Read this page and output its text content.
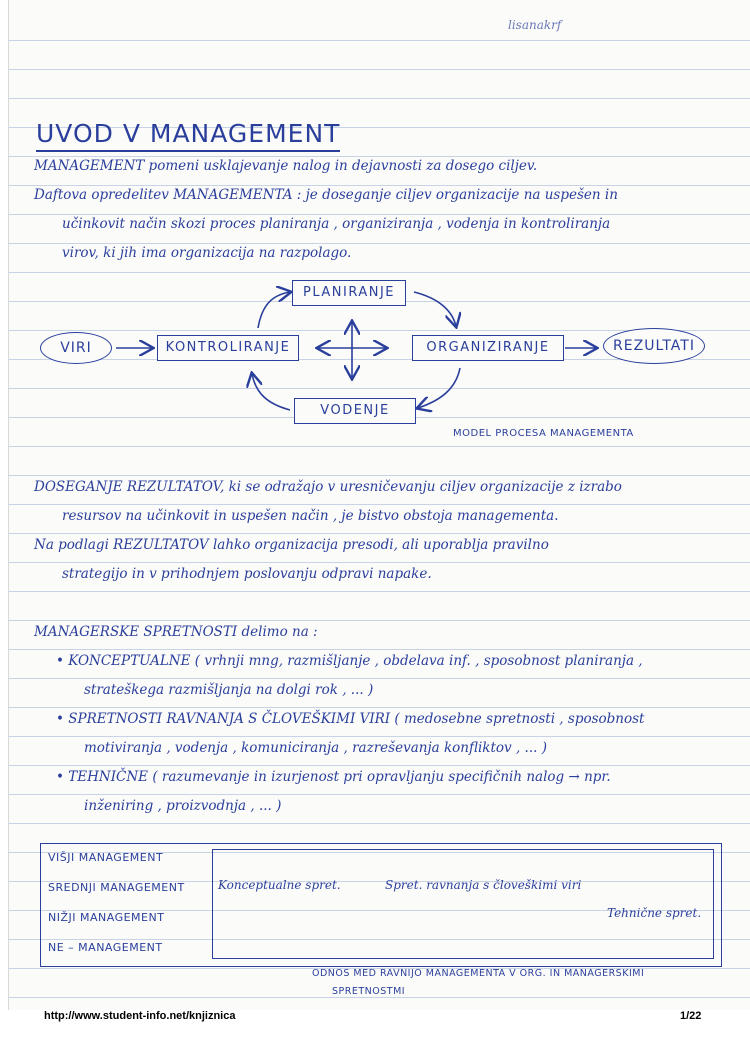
lisanakrf
UVOD V MANAGEMENT
MANAGEMENT pomeni usklajevanje nalog in dejavnosti za dosego ciljev.
Daftova opredelitev MANAGEMENTA : je doseganje ciljev organizacije na uspešen in
učinkovit način skozi proces planiranja , organiziranja , vodenja in kontroliranja
virov, ki jih ima organizacija na razpolago.
VIRI
PLANIRANJE
KONTROLIRANJE	ORGANIZIRANJE	REZULTATI
VODENJE
MODEL PROCESA MANAGEMENTA
DOSEGANJE REZULTATOV, ki se odražajo v uresničevanju ciljev organizacije z izrabo
resursov na učinkovit in uspešen način , je bistvo obstoja managementa.
Na podlagi REZULTATOV lahko organizacija presodi, ali uporablja pravilno
strategijo in v prihodnjem poslovanju odpravi napake.
MANAGERSKE SPRETNOSTI delimo na :
• KONCEPTUALNE ( vrhnji mng, razmišljanje , obdelava inf. , sposobnost planiranja ,
strateškega razmišljanja na dolgi rok , ... )
• SPRETNOSTI RAVNANJA S ČLOVEŠKIMI VIRI ( medosebne spretnosti , sposobnost
motiviranja , vodenja , komuniciranja , razreševanja konfliktov , ... )
• TEHNIČNE ( razumevanje in izurjenost pri opravljanju specifičnih nalog → npr.
inženiring , proizvodnja , ... )
VIŠJI MANAGEMENT
SREDNJI MANAGEMENT
NIŽJI MANAGEMENT
NE – MANAGEMENT
Konceptualne spret.	Spret. ravnanja s človeškimi viri
Tehnične spret.
ODNOS MED RAVNIJO MANAGEMENTA V ORG. IN MANAGERSKIMI
SPRETNOSTMI
http://www.student-info.net/knjiznica	1/22
